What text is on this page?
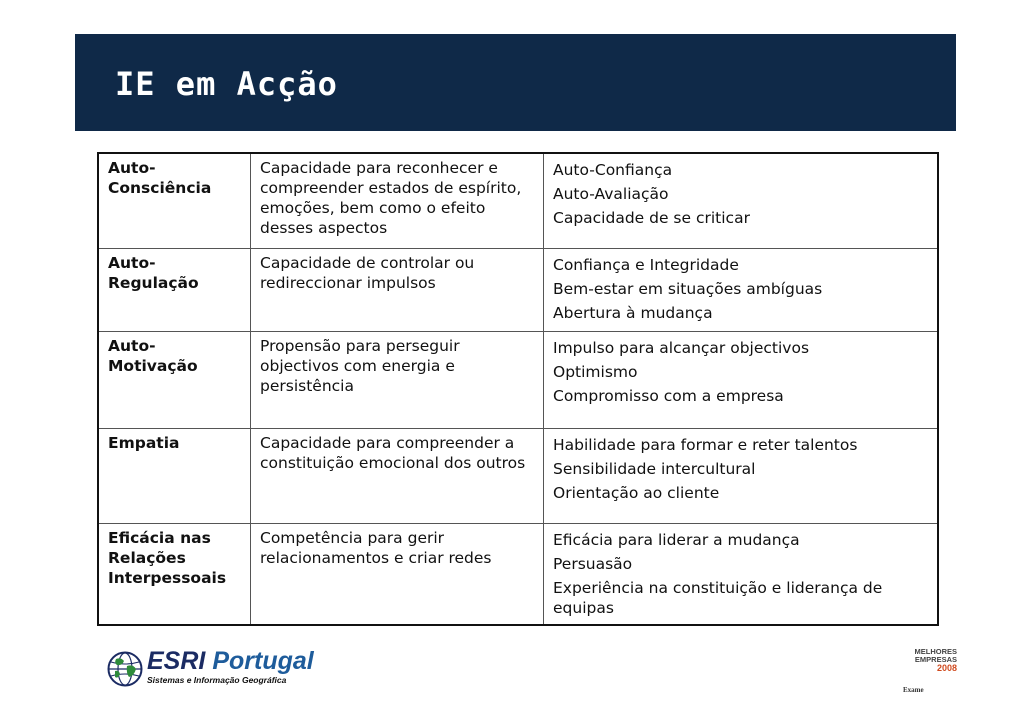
IE em Acção
Auto-Consciência	Capacidade para reconhecer e compreender estados de espírito, emoções, bem como o efeito desses aspectos	Auto-Confiança
Auto-Avaliação
Capacidade de se criticar

Auto-Regulação	Capacidade de controlar ou redireccionar impulsos	Confiança e Integridade
Bem-estar em situações ambíguas
Abertura à mudança

Auto-Motivação	Propensão para perseguir objectivos com energia e persistência	Impulso para alcançar objectivos
Optimismo
Compromisso com a empresa

Empatia	Capacidade para compreender a constituição emocional dos outros	Habilidade para formar e reter talentos
Sensibilidade intercultural
Orientação ao cliente

Eficácia nas Relações Interpessoais	Competência para gerir relacionamentos e criar redes	Eficácia para liderar a mudança
Persuasão
Experiência na constituição e liderança de equipas
ESRI Portugal
Sistemas e Informação Geográfica
MELHORES
EMPRESAS
2008
Exame
